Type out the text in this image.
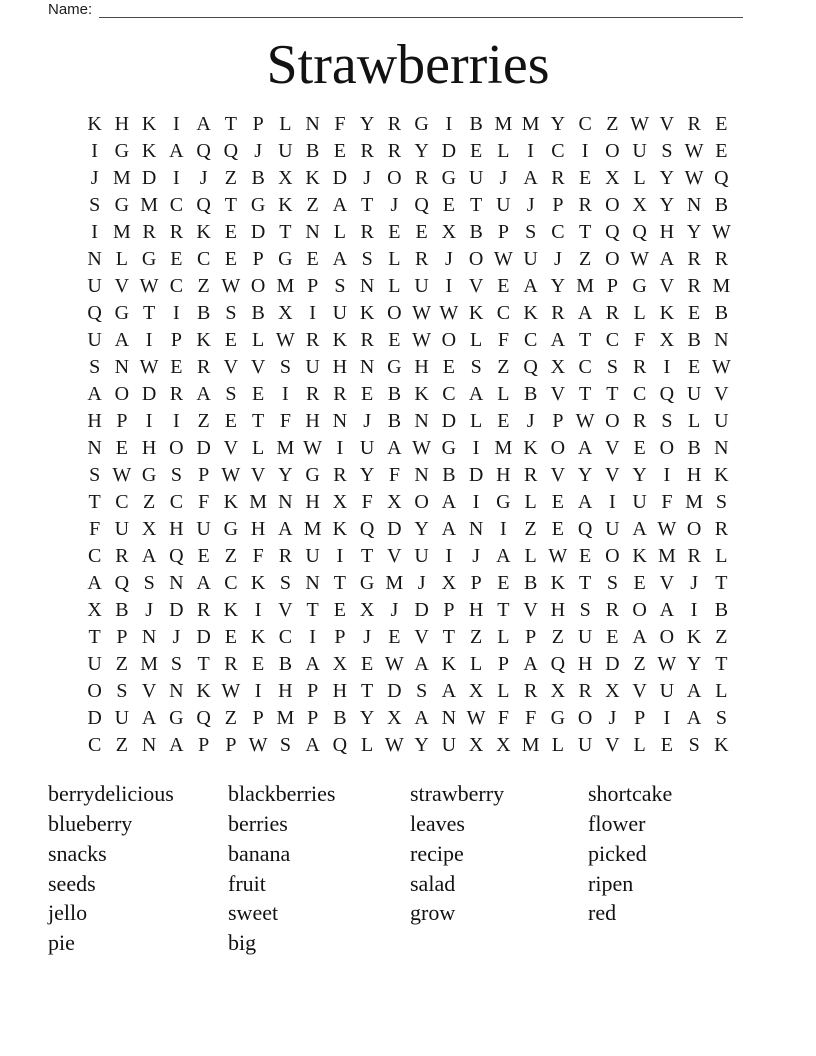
Name:
Strawberries
K H K I A T P L N F Y R G I B M M Y C Z W V R E
I G K A Q Q J U B E R R Y D E L I C I O U S W E
J M D I	J Z B X K D J O R G U J A R E X L Y W Q
S G M C Q T G K Z A T J Q E T U J P R O X Y N B
I M R R K E D T N L R E E X B P S C T Q Q H Y W
N L G E C E P G E A S L R J O W U J Z O W A R R
U V W C Z W O M P S N L U I V E A Y M P G V R M
Q G T I B S B X I U K O W W K C K R A R L K E B
U A I P K E L W R K R E W O L F C A T C F X B N
S N W E R V V S U H N G H E S Z Q X C S R I E W
A O D R A S E I R R E B K C A L B V T T C Q U V
H P I	I Z E T F H N J B N D L E J P W O R S L U
N E H O D V L M W I U A W G I M K O A V E O B N
S W G S P W V Y G R Y F N B D H R V Y V Y I H K
T C Z C F K M N H X F X O A I G L E A I U F M S
F U X H U G H A M K Q D Y A N I Z E Q U A W O R
C R A Q E Z F R U I T V U I	J A L W E O K M R L
A Q S N A C K S N T G M J X P E B K T S E V J T
X B J D R K I V T E X J D P H T V H S R O A I B
T P N J D E K C I P J E V T Z L P Z U E A O K Z
U Z M S T R E B A X E W A K L P A Q H D Z W Y T
O S V N K W I H P H T D S A X L R X R X V U A L
D U A G Q Z P M P B Y X A N W F F G O J P I A S
C Z N A P P W S A Q L W Y U X X M L U V L E S K
berrydelicious
blueberry
snacks
seeds
jello
pie
blackberries
berries
banana
fruit
sweet
big
strawberry
leaves
recipe
salad
grow
shortcake
flower
picked
ripen
red
